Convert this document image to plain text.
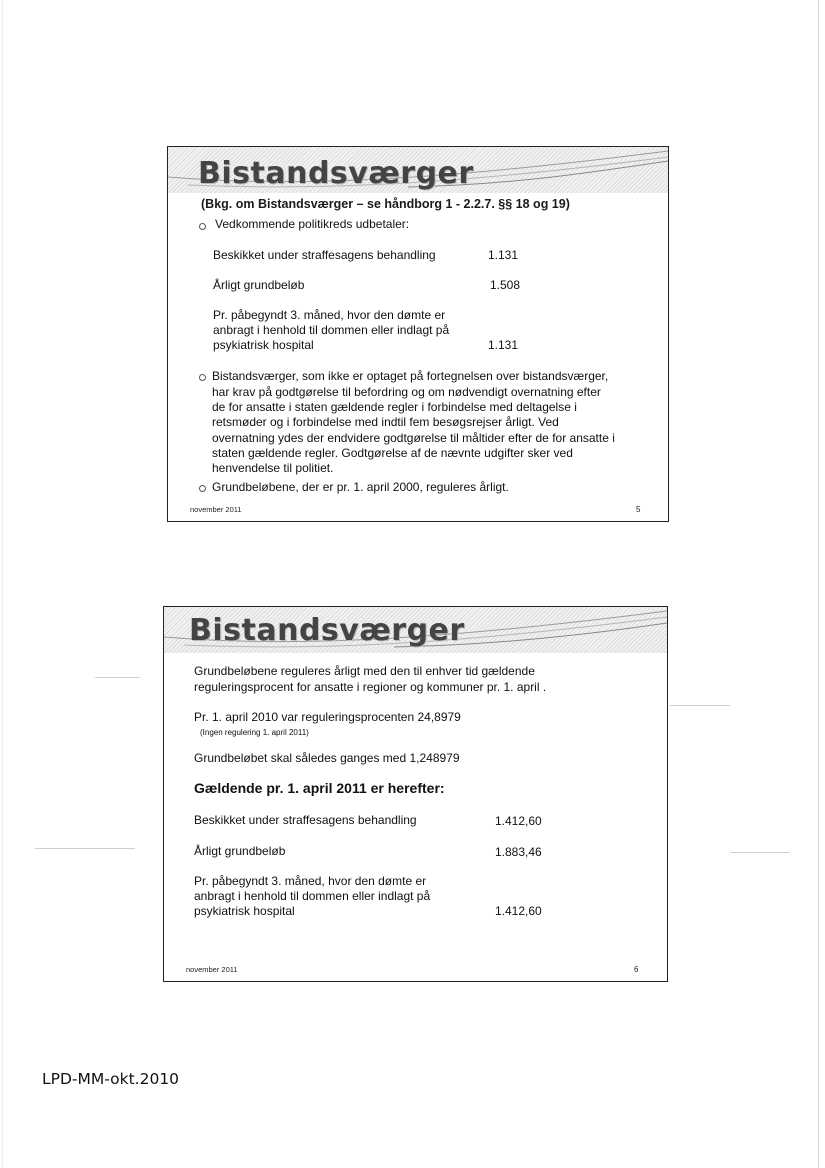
Bistandsværger
(Bkg. om Bistandsværger – se håndborg 1 - 2.2.7. §§ 18 og 19)
Vedkommende politikreds udbetaler:
Beskikket under straffesagens behandling	1.131
Årligt grundbeløb	1.508
Pr. påbegyndt 3. måned, hvor den dømte er
anbragt i henhold til dommen eller indlagt på
psykiatrisk hospital	1.131
Bistandsværger, som ikke er optaget på fortegnelsen over bistandsværger,
har krav på godtgørelse til befordring og om nødvendigt overnatning efter
de for ansatte i staten gældende regler i forbindelse med deltagelse i
retsmøder og i forbindelse med indtil fem besøgsrejser årligt. Ved
overnatning ydes der endvidere godtgørelse til måltider efter de for ansatte i
staten gældende regler. Godtgørelse af de nævnte udgifter sker ved
henvendelse til politiet.
Grundbeløbene, der er pr. 1. april 2000, reguleres årligt.
november 2011	5
Bistandsværger
Grundbeløbene reguleres årligt med den til enhver tid gældende
reguleringsprocent for ansatte i regioner og kommuner pr. 1. april .
Pr. 1. april 2010 var reguleringsprocenten 24,8979
(Ingen regulering 1. april 2011)
Grundbeløbet skal således ganges med 1,248979
Gældende pr. 1. april 2011 er herefter:
Beskikket under straffesagens behandling	1.412,60
Årligt grundbeløb	1.883,46
Pr. påbegyndt 3. måned, hvor den dømte er
anbragt i henhold til dommen eller indlagt på
psykiatrisk hospital	1.412,60
november 2011	6
LPD-MM-okt.2010
